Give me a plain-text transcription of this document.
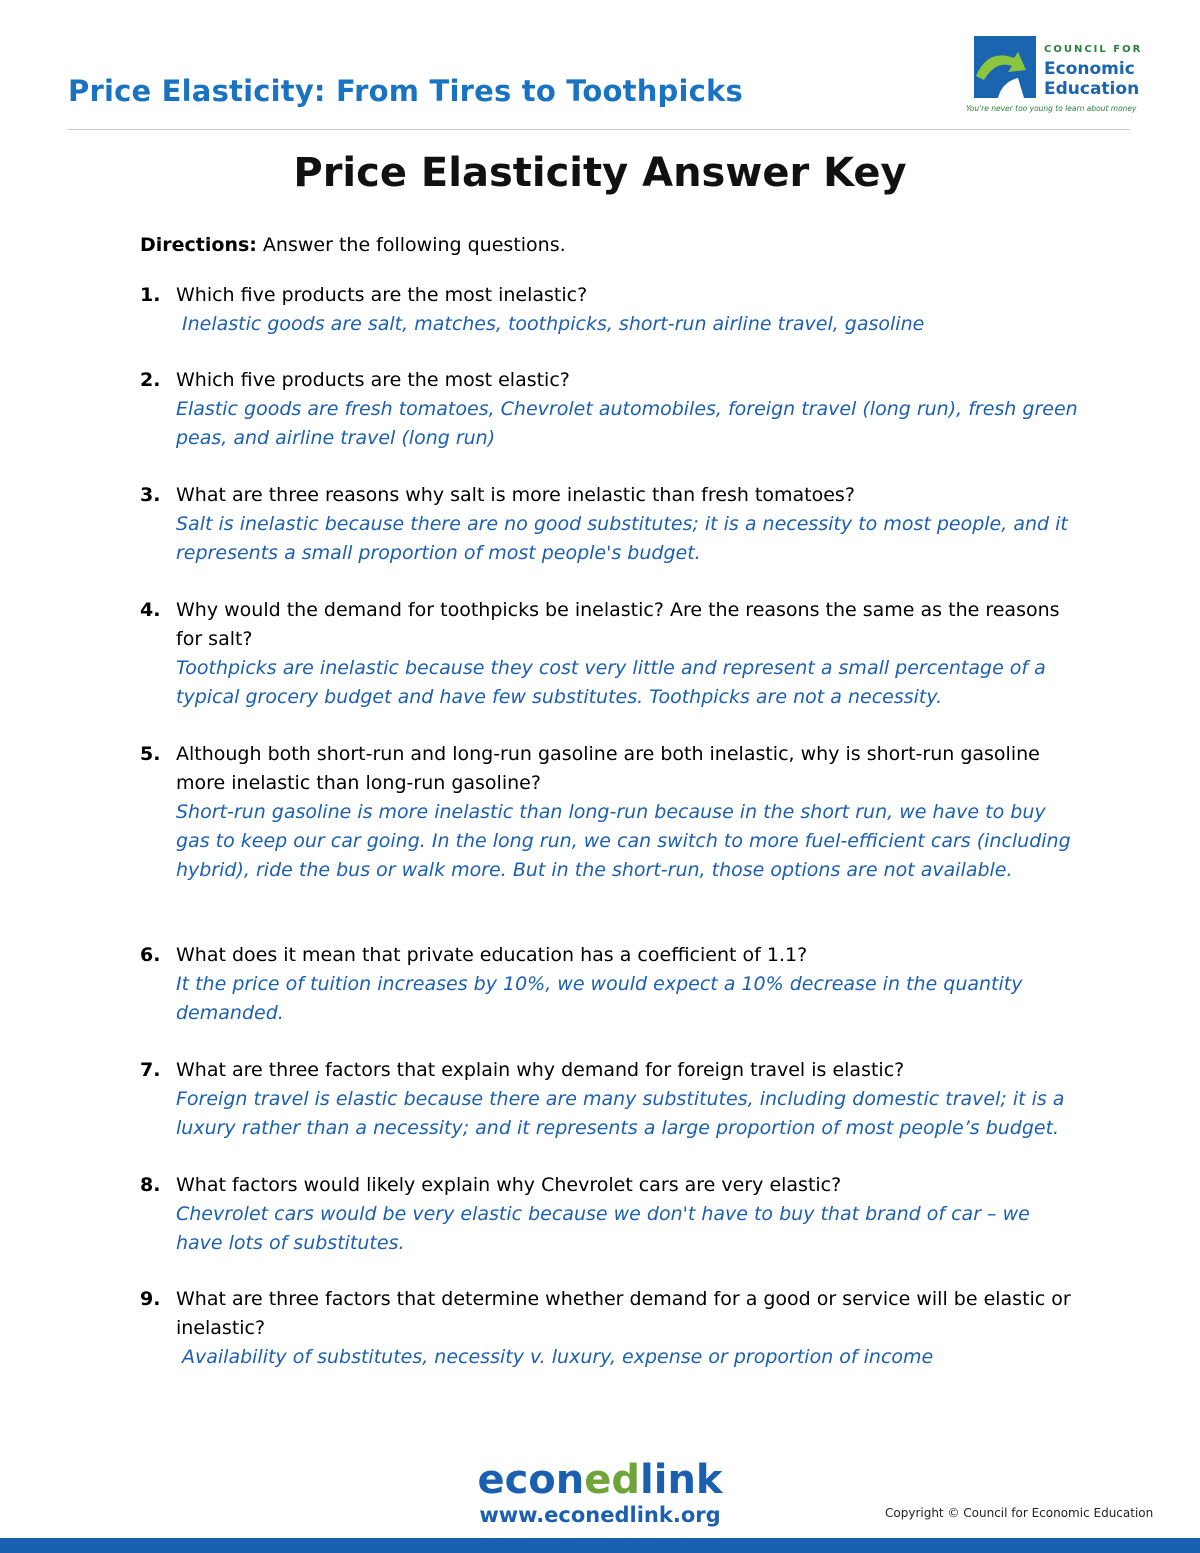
Price Elasticity: From Tires to Toothpicks
COUNCIL FOR
Economic
Education
You're never too young to learn about money
Price Elasticity Answer Key
Directions: Answer the following questions.
1. Which five products are the most inelastic?
Inelastic goods are salt, matches, toothpicks, short-run airline travel, gasoline
2. Which five products are the most elastic?
Elastic goods are fresh tomatoes, Chevrolet automobiles, foreign travel (long run), fresh green peas, and airline travel (long run)
3. What are three reasons why salt is more inelastic than fresh tomatoes?
Salt is inelastic because there are no good substitutes; it is a necessity to most people, and it represents a small proportion of most people's budget.
4. Why would the demand for toothpicks be inelastic? Are the reasons the same as the reasons for salt?
Toothpicks are inelastic because they cost very little and represent a small percentage of a typical grocery budget and have few substitutes. Toothpicks are not a necessity.
5. Although both short-run and long-run gasoline are both inelastic, why is short-run gasoline more inelastic than long-run gasoline?
Short-run gasoline is more inelastic than long-run because in the short run, we have to buy gas to keep our car going. In the long run, we can switch to more fuel-efficient cars (including hybrid), ride the bus or walk more. But in the short-run, those options are not available.
6. What does it mean that private education has a coefficient of 1.1?
It the price of tuition increases by 10%, we would expect a 10% decrease in the quantity demanded.
7. What are three factors that explain why demand for foreign travel is elastic?
Foreign travel is elastic because there are many substitutes, including domestic travel; it is a luxury rather than a necessity; and it represents a large proportion of most people’s budget.
8. What factors would likely explain why Chevrolet cars are very elastic?
Chevrolet cars would be very elastic because we don't have to buy that brand of car – we have lots of substitutes.
9. What are three factors that determine whether demand for a good or service will be elastic or inelastic?
Availability of substitutes, necessity v. luxury, expense or proportion of income
econedlink
www.econedlink.org	Copyright © Council for Economic Education
